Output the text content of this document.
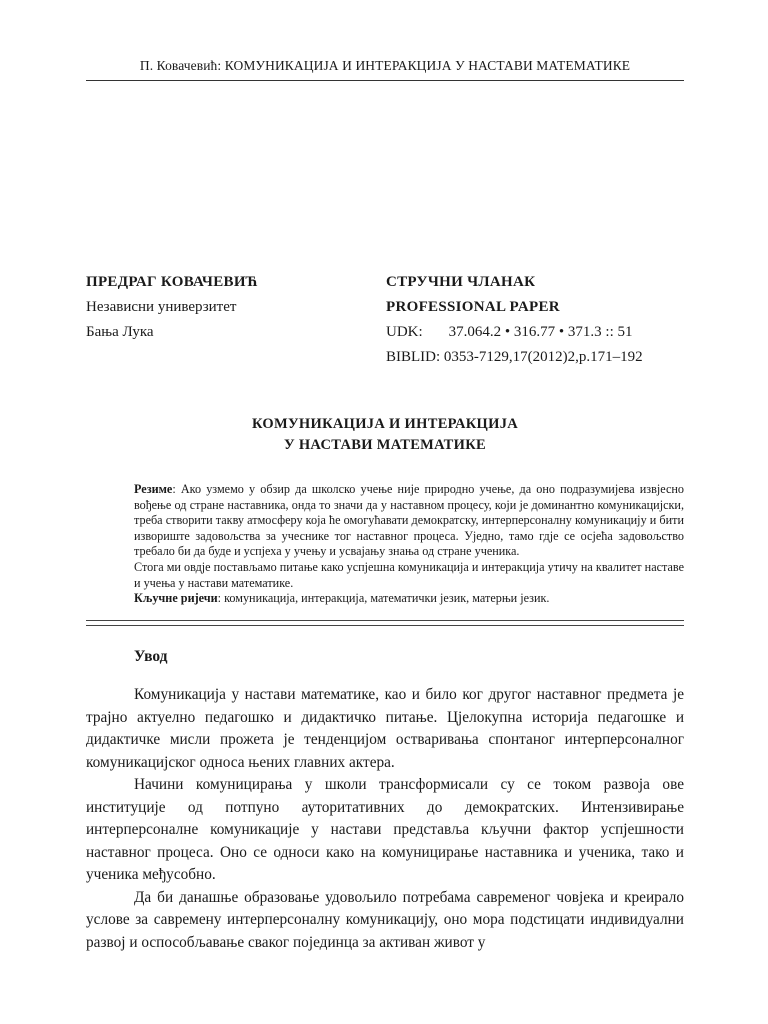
П. Ковачевић: КОМУНИКАЦИЈА И ИНТЕРАКЦИЈА У НАСТАВИ МАТЕМАТИКЕ
ПРЕДРАГ КОВАЧЕВИЋ
Независни универзитет
Бања Лука
СТРУЧНИ ЧЛАНАК
PROFESSIONAL PAPER
UDK: 37.064.2 • 316.77 • 371.3 :: 51
BIBLID: 0353-7129,17(2012)2,p.171–192
КОМУНИКАЦИЈА И ИНТЕРАКЦИЈА
У НАСТАВИ МАТЕМАТИКЕ

Резиме: Ако узмемо у обзир да школско учење није природно учење, да оно подразумијева извјесно вођење од стране наставника, онда то значи да у наставном процесу, који је доминантно комуникацијски, треба створити такву атмосферу која ће омогућавати демократску, интерперсоналну комуникацију и бити извориште задовољства за учеснике тог наставног процеса. Уједно, тамо гдје се осјећа задовољство требало би да буде и успјеха у учењу и усвајању знања од стране ученика.

Стога ми овдје постављамо питање како успјешна комуникација и интеракција утичу на квалитет наставе и учења у настави математике.

Кључне ријечи: комуникација, интеракција, математички језик, матерњи језик.

Увод

Комуникација у настави математике, као и било ког другог наставног предмета је трајно актуелно педагошко и дидактичко питање. Цјелокупна историја педагошке и дидактичке мисли прожета је тенденцијом остваривања спонтаног интерперсоналног комуникацијског односа њених главних актера.

Начини комуницирања у школи трансформисали су се током развоја ове институције од потпуно ауторитативних до демократских. Интензивирање интерперсоналне комуникације у настави представља кључни фактор успјешности наставног процеса. Оно се односи како на комуницирање наставника и ученика, тако и ученика међусобно.

Да би данашње образовање удовољило потребама савременог човјека и креирало услове за савремену интерперсоналну комуникацију, оно мора подстицати индивидуални развој и оспособљавање сваког појединца за активан живот у
